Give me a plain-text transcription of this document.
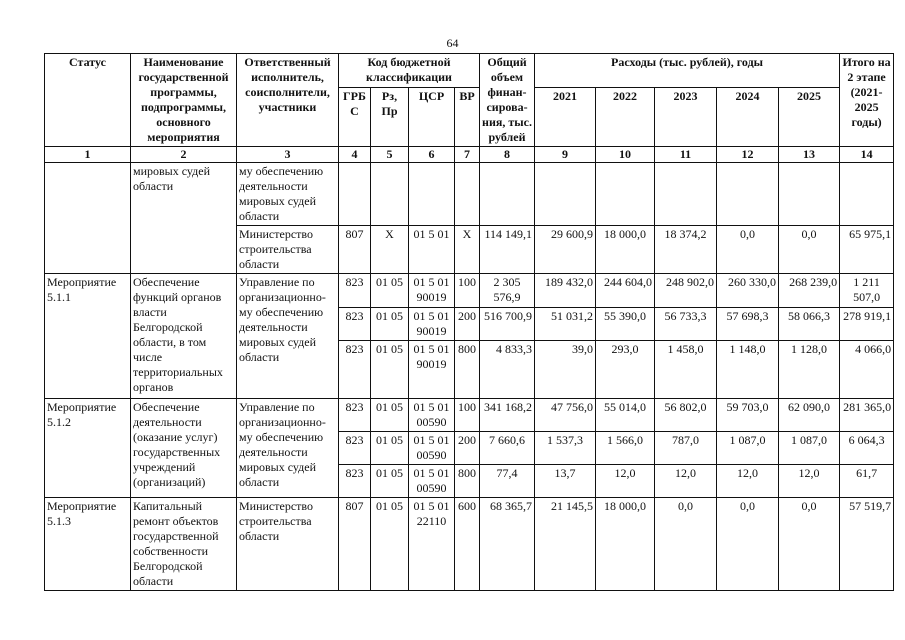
64
Статус	Наименование государственной программы, подпрограммы, основного мероприятия	Ответственный исполнитель, соисполнители, участники	Код бюджетной классификации				Общий объем финан-сирова-ния, тыс. рублей	Расходы (тыс. рублей), годы					Итого на 2 этапе (2021-2025 годы)
			ГРБ С	Рз, Пр	ЦСР	ВР		2021	2022	2023	2024	2025	
1	2	3	4	5	6	7	8	9	10	11	12	13	14
	мировых судей области	му обеспечению деятельности мировых судей области											
		Министерство строительства области	807	X	01 5 01	X	114 149,1	29 600,9	18 000,0	18 374,2	0,0	0,0	65 975,1
Мероприятие 5.1.1	Обеспечение функций органов власти Белгородской области, в том числе территориальных органов	Управление по организационно-му обеспечению деятельности мировых судей области	823	01 05	01 5 01 90019	100	2 305 576,9	189 432,0	244 604,0	248 902,0	260 330,0	268 239,0	1 211 507,0
			823	01 05	01 5 01 90019	200	516 700,9	51 031,2	55 390,0	56 733,3	57 698,3	58 066,3	278 919,1
			823	01 05	01 5 01 90019	800	4 833,3	39,0	293,0	1 458,0	1 148,0	1 128,0	4 066,0
Мероприятие 5.1.2	Обеспечение деятельности (оказание услуг) государственных учреждений (организаций)	Управление по организационно-му обеспечению деятельности мировых судей области	823	01 05	01 5 01 00590	100	341 168,2	47 756,0	55 014,0	56 802,0	59 703,0	62 090,0	281 365,0
			823	01 05	01 5 01 00590	200	7 660,6	1 537,3	1 566,0	787,0	1 087,0	1 087,0	6 064,3
			823	01 05	01 5 01 00590	800	77,4	13,7	12,0	12,0	12,0	12,0	61,7
Мероприятие 5.1.3	Капитальный ремонт объектов государственной собственности Белгородской области	Министерство строительства области	807	01 05	01 5 01 22110	600	68 365,7	21 145,5	18 000,0	0,0	0,0	0,0	57 519,7
